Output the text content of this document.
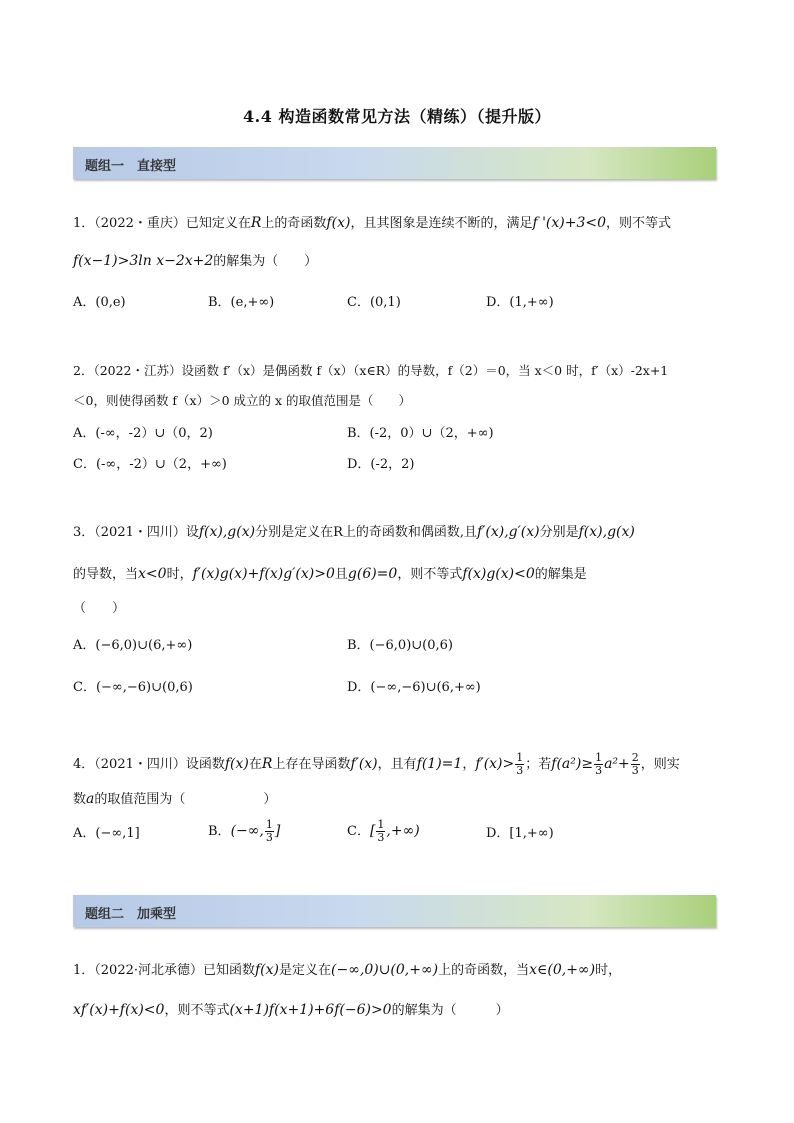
4.4 构造函数常见方法（精练）（提升版）
题组一　直接型
1．（2022・重庆）已知定义在R上的奇函数f(x)，且其图象是连续不断的，满足f '(x)+3<0，则不等式
f(x−1)>3ln x−2x+2的解集为（　　）
A．(0,e)	B．(e,+∞)	C．(0,1)	D．(1,+∞)
2．（2022・江苏）设函数 f′（x）是偶函数 f（x）（x∈R）的导数，f（2）＝0，当 x＜0 时，f′（x）-2x+1
＜0，则使得函数 f（x）＞0 成立的 x 的取值范围是（　　）
A．(-∞，-2）∪（0，2)	B．(-2，0）∪（2，+∞)
C．(-∞，-2）∪（2，+∞)	D．(-2，2)
3．（2021・四川）设f(x),g(x)分别是定义在R上的奇函数和偶函数,且f′(x),g′(x)分别是f(x),g(x)
的导数，当x<0时，f′(x)g(x)+f(x)g′(x)>0且g(6)=0，则不等式f(x)g(x)<0的解集是
（　　）
A．(−6,0)∪(6,+∞)	B．(−6,0)∪(0,6)
C．(−∞,−6)∪(0,6)	D．(−∞,−6)∪(6,+∞)
4．（2021・四川）设函数f(x)在R上存在导函数f′(x)，且有f(1)=1，$f'(x)> \frac{1}{3}$ ；若$f(a^2)\ge \frac{1}{3} a^2+ \frac{2}{3}$ ，则实
数a的取值范围为（　　　　　　）
A．(−∞,1]	B．(−∞, $\frac{1}{3}$ ]	C．[ $\frac{1}{3}$ ,+∞)	D．[1,+∞)
题组二　加乘型
1．（2022·河北承德）已知函数f(x)是定义在(−∞,0)∪(0,+∞)上的奇函数，当x∈(0,+∞)时，
xf′(x)+f(x)<0，则不等式(x+1)f(x+1)+6f(−6)>0的解集为（　　　）
